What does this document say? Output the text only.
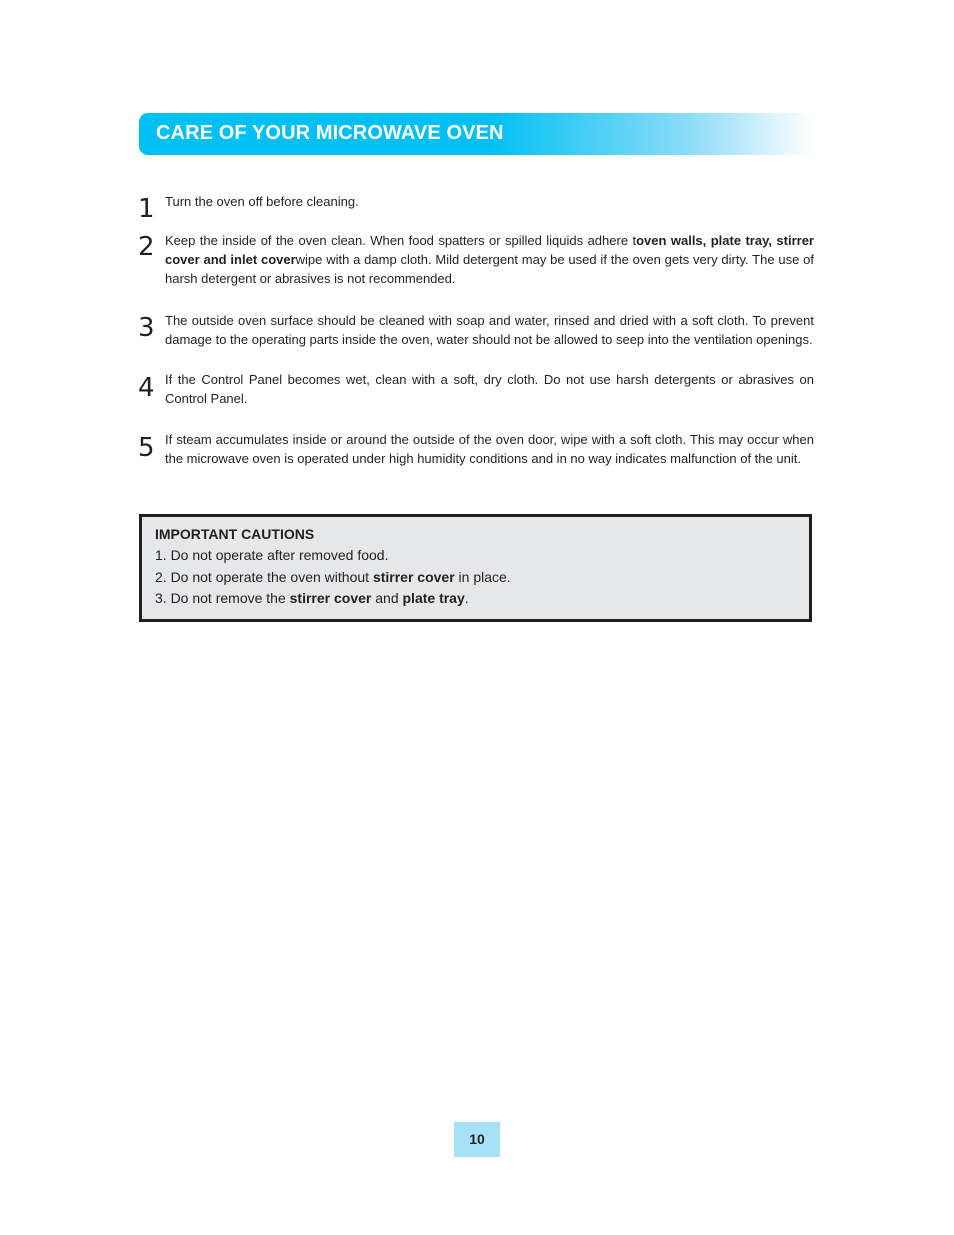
CARE OF YOUR MICROWAVE OVEN
1 Turn the oven off before cleaning.
2 Keep the inside of the oven clean. When food spatters or spilled liquids adhere toven walls, plate tray, stirrer cover and inlet coverwipe with a damp cloth. Mild detergent may be used if the oven gets very dirty. The use of harsh detergent or abrasives is not recommended.
3 The outside oven surface should be cleaned with soap and water, rinsed and dried with a soft cloth. To prevent damage to the operating parts inside the oven, water should not be allowed to seep into the ventilation openings.
4 If the Control Panel becomes wet, clean with a soft, dry cloth. Do not use harsh detergents or abrasives on Control Panel.
5 If steam accumulates inside or around the outside of the oven door, wipe with a soft cloth. This may occur when the microwave oven is operated under high humidity conditions and in no way indicates malfunction of the unit.
IMPORTANT CAUTIONS
1. Do not operate after removed food.
2. Do not operate the oven without stirrer cover in place.
3. Do not remove the stirrer cover and plate tray.
10
